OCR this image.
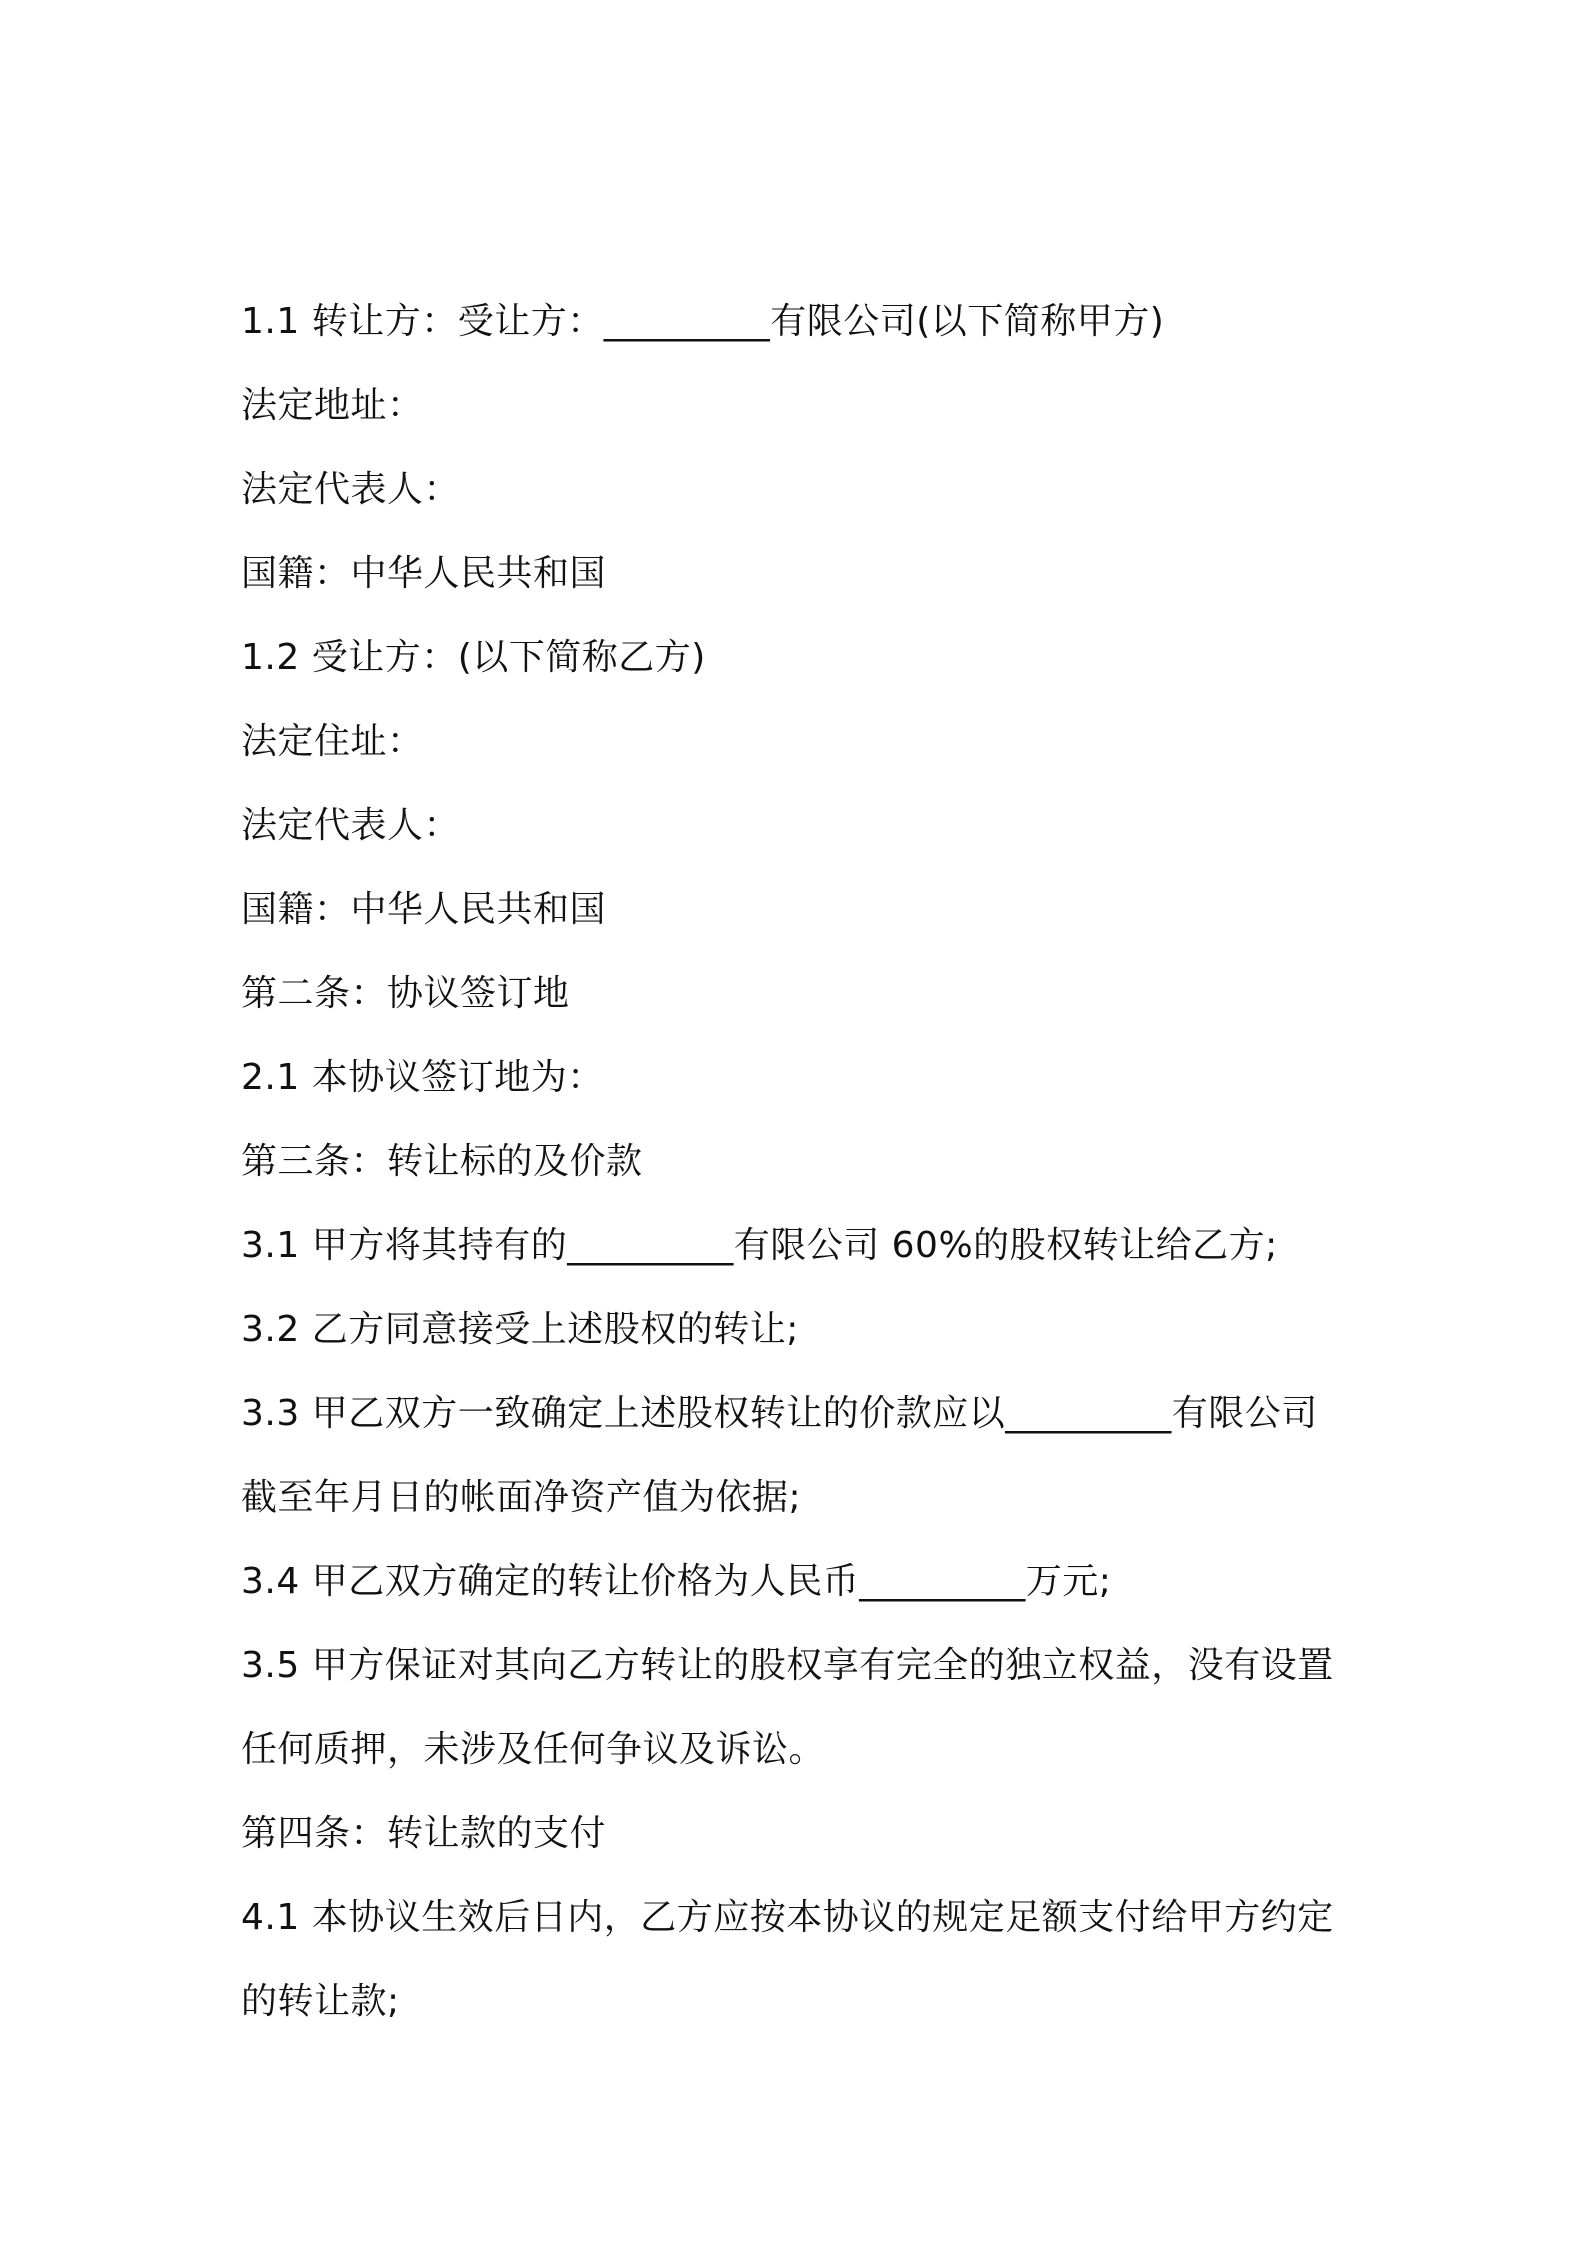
1.1 转让方：受让方：_________有限公司(以下简称甲方)
法定地址：
法定代表人：
国籍：中华人民共和国
1.2 受让方：(以下简称乙方)
法定住址：
法定代表人：
国籍：中华人民共和国
第二条：协议签订地
2.1 本协议签订地为：
第三条：转让标的及价款
3.1 甲方将其持有的_________有限公司 60%的股权转让给乙方;
3.2 乙方同意接受上述股权的转让;
3.3 甲乙双方一致确定上述股权转让的价款应以_________有限公司
截至年月日的帐面净资产值为依据;
3.4 甲乙双方确定的转让价格为人民币_________万元;
3.5 甲方保证对其向乙方转让的股权享有完全的独立权益，没有设置
任何质押，未涉及任何争议及诉讼。
第四条：转让款的支付
4.1 本协议生效后日内，乙方应按本协议的规定足额支付给甲方约定
的转让款;
